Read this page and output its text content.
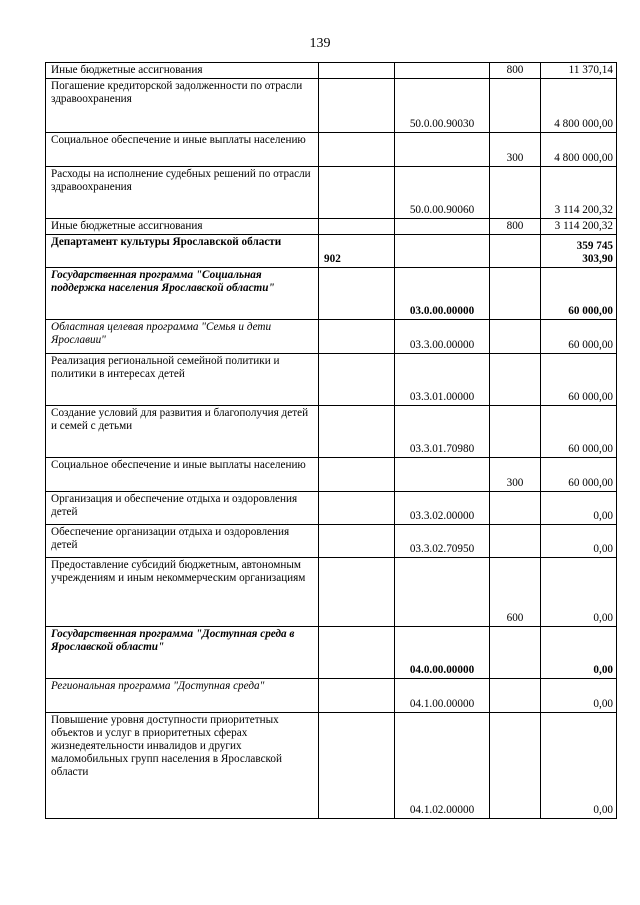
139
Иные бюджетные ассигнования			800	11 370,14
Погашение кредиторской задолженности по отрасли здравоохранения		50.0.00.90030		4 800 000,00
Социальное обеспечение и иные выплаты населению			300	4 800 000,00
Расходы на исполнение судебных решений по отрасли здравоохранения		50.0.00.90060		3 114 200,32
Иные бюджетные ассигнования			800	3 114 200,32
Департамент культуры Ярославской области	902			359 745 303,90
Государственная программа "Социальная поддержка населения Ярославской области"		03.0.00.00000		60 000,00
Областная целевая программа "Семья и дети Ярославии"		03.3.00.00000		60 000,00
Реализация региональной семейной политики и политики в интересах детей		03.3.01.00000		60 000,00
Создание условий для развития и благополучия детей и семей с детьми		03.3.01.70980		60 000,00
Социальное обеспечение и иные выплаты населению			300	60 000,00
Организация и обеспечение отдыха и оздоровления детей		03.3.02.00000		0,00
Обеспечение организации отдыха и оздоровления детей		03.3.02.70950		0,00
Предоставление субсидий бюджетным, автономным учреждениям и иным некоммерческим организациям			600	0,00
Государственная программа "Доступная среда в Ярославской области"		04.0.00.00000		0,00
Региональная программа "Доступная среда"		04.1.00.00000		0,00
Повышение уровня доступности приоритетных объектов и услуг в приоритетных сферах жизнедеятельности инвалидов и других маломобильных групп населения в Ярославской области		04.1.02.00000		0,00
